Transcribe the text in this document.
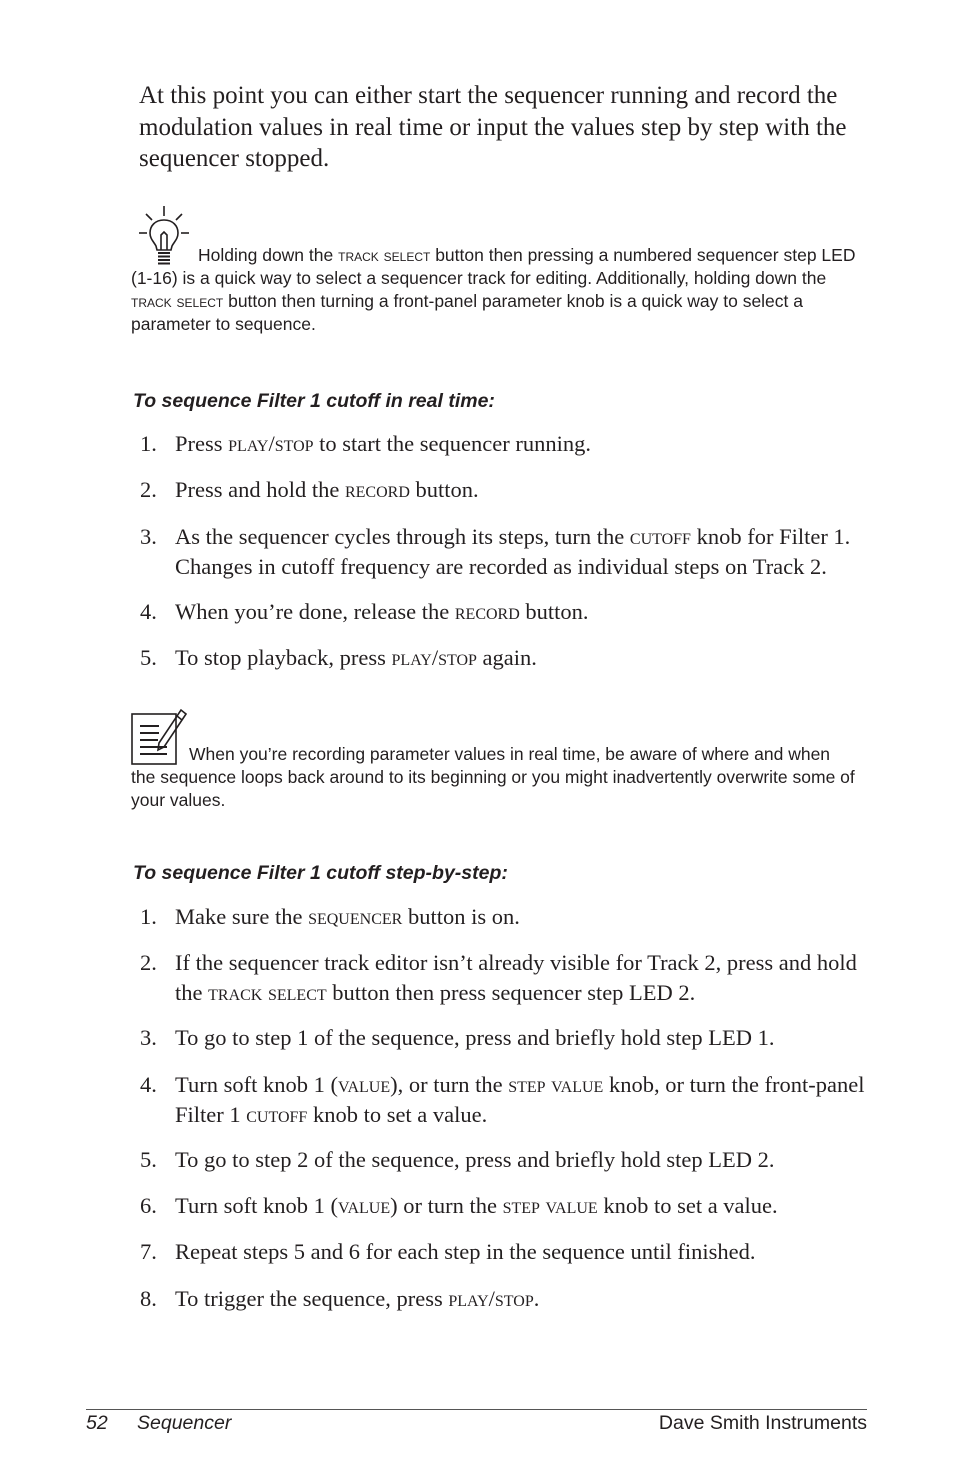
At this point you can either start the sequencer running and record the modulation values in real time or input the values step by step with the sequencer stopped.

Holding down the track select button then pressing a numbered sequencer step LED (1-16) is a quick way to select a sequencer track for editing. Additionally, holding down the track select button then turning a front-panel parameter knob is a quick way to select a parameter to sequence.

To sequence Filter 1 cutoff in real time:
1. Press play/stop to start the sequencer running.
2. Press and hold the record button.
3. As the sequencer cycles through its steps, turn the cutoff knob for Filter 1. Changes in cutoff frequency are recorded as individual steps on Track 2.
4. When you’re done, release the record button.
5. To stop playback, press play/stop again.

When you’re recording parameter values in real time, be aware of where and when the sequence loops back around to its beginning or you might inadvertently overwrite some of your values.

To sequence Filter 1 cutoff step-by-step:
1. Make sure the sequencer button is on.
2. If the sequencer track editor isn’t already visible for Track 2, press and hold the track select button then press sequencer step LED 2.
3. To go to step 1 of the sequence, press and briefly hold step LED 1.
4. Turn soft knob 1 (value), or turn the step value knob, or turn the front-panel Filter 1 cutoff knob to set a value.
5. To go to step 2 of the sequence, press and briefly hold step LED 2.
6. Turn soft knob 1 (value) or turn the step value knob to set a value.
7. Repeat steps 5 and 6 for each step in the sequence until finished.
8. To trigger the sequence, press play/stop.
52 Sequencer	Dave Smith Instruments
